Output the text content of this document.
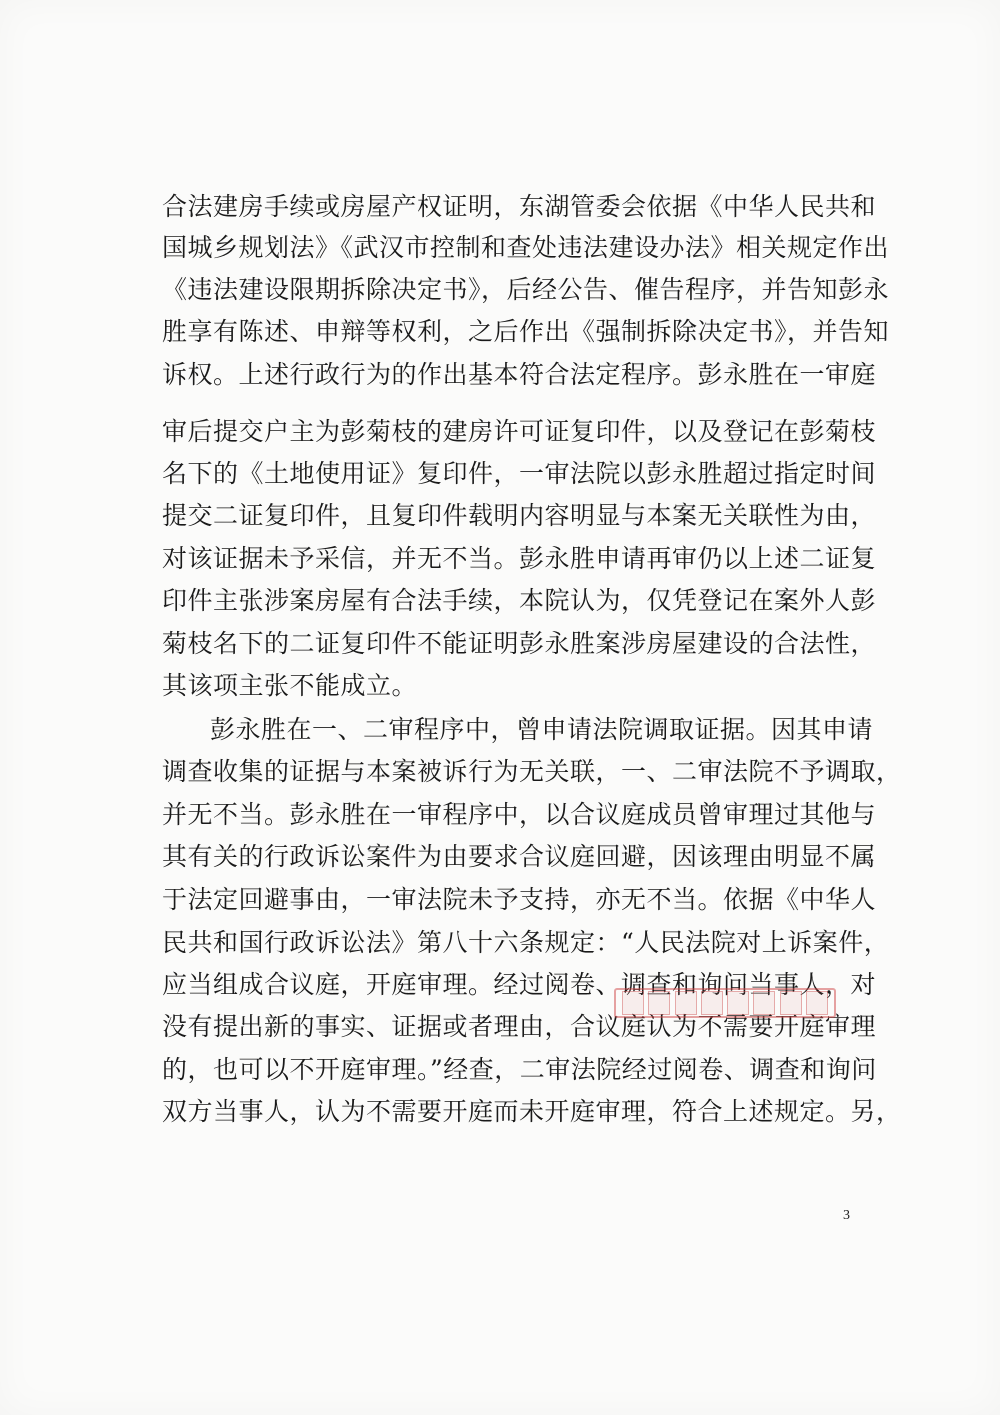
合法建房手续或房屋产权证明，东湖管委会依据《中华人民共和
国城乡规划法》《武汉市控制和查处违法建设办法》相关规定作出
《违法建设限期拆除决定书》，后经公告、催告程序，并告知彭永
胜享有陈述、申辩等权利，之后作出《强制拆除决定书》，并告知
诉权。上述行政行为的作出基本符合法定程序。彭永胜在一审庭
审后提交户主为彭菊枝的建房许可证复印件，以及登记在彭菊枝
名下的《土地使用证》复印件，一审法院以彭永胜超过指定时间
提交二证复印件，且复印件载明内容明显与本案无关联性为由，
对该证据未予采信，并无不当。彭永胜申请再审仍以上述二证复
印件主张涉案房屋有合法手续，本院认为，仅凭登记在案外人彭
菊枝名下的二证复印件不能证明彭永胜案涉房屋建设的合法性，
其该项主张不能成立。
彭永胜在一、二审程序中，曾申请法院调取证据。因其申请
调查收集的证据与本案被诉行为无关联，一、二审法院不予调取，
并无不当。彭永胜在一审程序中，以合议庭成员曾审理过其他与
其有关的行政诉讼案件为由要求合议庭回避，因该理由明显不属
于法定回避事由，一审法院未予支持，亦无不当。依据《中华人
民共和国行政诉讼法》第八十六条规定：“人民法院对上诉案件，
应当组成合议庭，开庭审理。经过阅卷、调查和询问当事人，对
没有提出新的事实、证据或者理由，合议庭认为不需要开庭审理
的，也可以不开庭审理。”经查，二审法院经过阅卷、调查和询问
双方当事人，认为不需要开庭而未开庭审理，符合上述规定。另，
3
